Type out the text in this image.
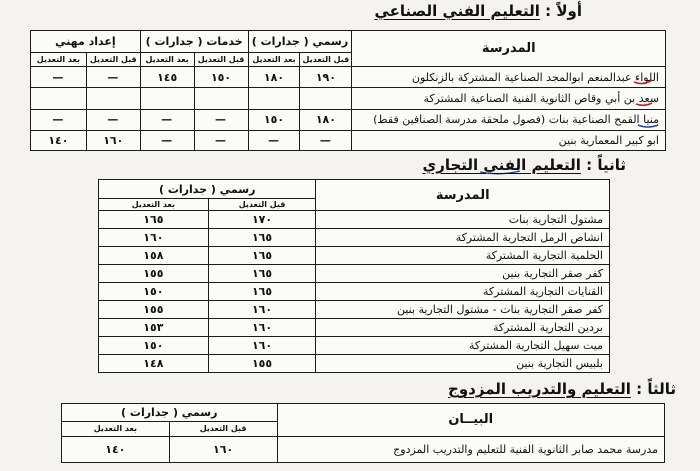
أولاً : التعليم الفني الصناعي
المدرسة	رسمي ( جدارات )		خدمات ( جدارات )		إعداد مهني	
	قبل التعديل	بعد التعديل	قبل التعديل	بعد التعديل	قبل التعديل	بعد التعديل
اللواء عبدالمنعم ابوالمجد الصناعية المشتركة بالزنكلون	١٩٠	١٨٠	١٥٠	١٤٥	—	—
سعد بن أبي وقاص الثانوية الفنية الصناعية المشتركة						
منيا القمح الصناعية بنات (فصول ملحقة مدرسة الصنافين فقط)	١٨٠	١٥٠	—	—	—	—
ابو كبير المعمارية بنين	—	—	—	—	١٦٠	١٤٠
ثانياً : التعليم الفني التجاري
المدرسة	رسمي ( جدارات )	
	قبل التعديل	بعد التعديل
مشتول التجارية بنات	١٧٠	١٦٥
انشاص الرمل التجارية المشتركة	١٦٥	١٦٠
الحلمية التجارية المشتركة	١٦٥	١٥٨
كفر صقر التجارية بنين	١٦٥	١٥٥
القنايات التجارية المشتركة	١٦٥	١٥٠
كفر صقر التجارية بنات - مشتول التجارية بنين	١٦٠	١٥٥
بردين التجارية المشتركة	١٦٠	١٥٣
ميت سهيل التجارية المشتركة	١٦٠	١٥٠
بلبيس التجارية بنين	١٥٥	١٤٨
ثالثاً : التعليم والتدريب المزدوج
البيــان	رسمي ( جدارات )	
	قبل التعديل	بعد التعديل
مدرسة محمد صابر الثانوية الفنية للتعليم والتدريب المزدوج	١٦٠	١٤٠
